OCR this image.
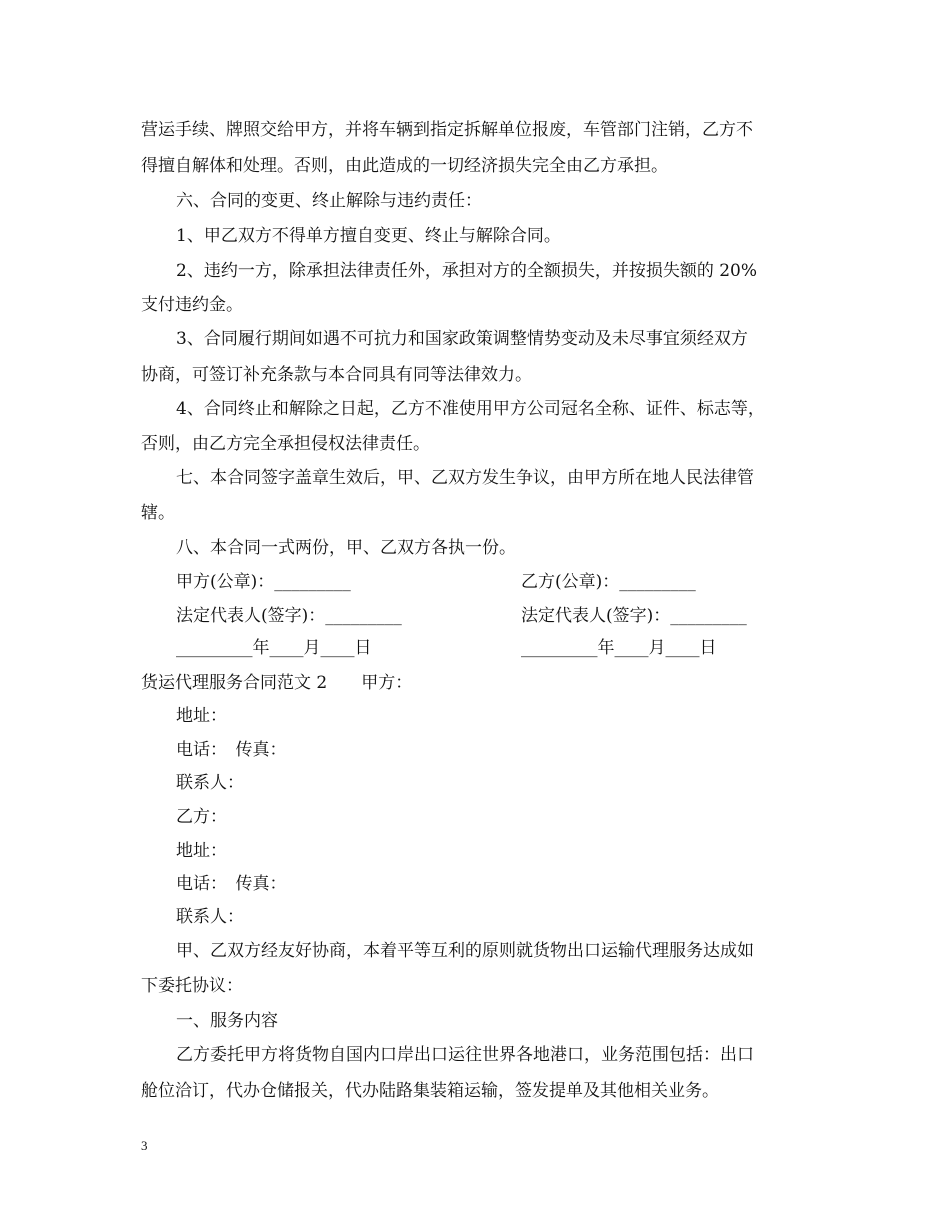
营运手续、牌照交给甲方，并将车辆到指定拆解单位报废，车管部门注销，乙方不
得擅自解体和处理。否则，由此造成的一切经济损失完全由乙方承担。
六、合同的变更、终止解除与违约责任：
1、甲乙双方不得单方擅自变更、终止与解除合同。
2、违约一方，除承担法律责任外，承担对方的全额损失，并按损失额的 20%
支付违约金。
3、合同履行期间如遇不可抗力和国家政策调整情势变动及未尽事宜须经双方
协商，可签订补充条款与本合同具有同等法律效力。
4、合同终止和解除之日起，乙方不准使用甲方公司冠名全称、证件、标志等，
否则，由乙方完全承担侵权法律责任。
七、本合同签字盖章生效后，甲、乙双方发生争议，由甲方所在地人民法律管
辖。
八、本合同一式两份，甲、乙双方各执一份。
甲方(公章)：_________	乙方(公章)：_________
法定代表人(签字)：_________	法定代表人(签字)：_________
_________年____月____日	_________年____月____日
货运代理服务合同范文 2　　甲方：
地址：
电话：　传真：
联系人：
乙方：
地址：
电话：　传真：
联系人：
甲、乙双方经友好协商，本着平等互利的原则就货物出口运输代理服务达成如
下委托协议：
一、服务内容
乙方委托甲方将货物自国内口岸出口运往世界各地港口，业务范围包括：出口
舱位洽订，代办仓储报关，代办陆路集装箱运输，签发提单及其他相关业务。
3
